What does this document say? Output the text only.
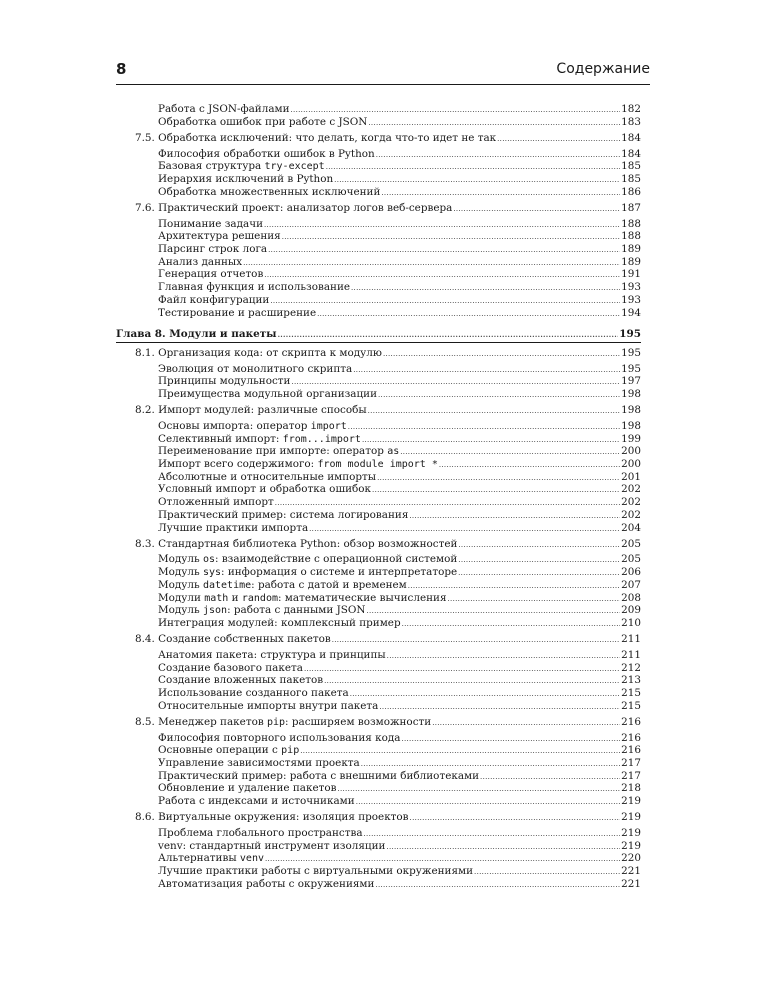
8	Содержание
Работа с JSON-файлами .....	182
Обработка ошибок при работе с JSON .....	183
7.5. Обработка исключений: что делать, когда что-то идет не так .....	184
Философия обработки ошибок в Python .....	184
Базовая структура try-except .....	185
Иерархия исключений в Python .....	185
Обработка множественных исключений .....	186
7.6. Практический проект: анализатор логов веб-сервера .....	187
Понимание задачи .....	188
Архитектура решения .....	188
Парсинг строк лога .....	189
Анализ данных .....	189
Генерация отчетов .....	191
Главная функция и использование .....	193
Файл конфигурации .....	193
Тестирование и расширение .....	194
Глава 8. Модули и пакеты .....	195
8.1. Организация кода: от скрипта к модулю .....	195
Эволюция от монолитного скрипта .....	195
Принципы модульности .....	197
Преимущества модульной организации .....	198
8.2. Импорт модулей: различные способы .....	198
Основы импорта: оператор import .....	198
Селективный импорт: from...import .....	199
Переименование при импорте: оператор as .....	200
Импорт всего содержимого: from module import * .....	200
Абсолютные и относительные импорты .....	201
Условный импорт и обработка ошибок .....	202
Отложенный импорт .....	202
Практический пример: система логирования .....	202
Лучшие практики импорта .....	204
8.3. Стандартная библиотека Python: обзор возможностей .....	205
Модуль os: взаимодействие с операционной системой .....	205
Модуль sys: информация о системе и интерпретаторе .....	206
Модуль datetime: работа с датой и временем .....	207
Модули math и random: математические вычисления .....	208
Модуль json: работа с данными JSON .....	209
Интеграция модулей: комплексный пример .....	210
8.4. Создание собственных пакетов .....	211
Анатомия пакета: структура и принципы .....	211
Создание базового пакета .....	212
Создание вложенных пакетов .....	213
Использование созданного пакета .....	215
Относительные импорты внутри пакета .....	215
8.5. Менеджер пакетов pip: расширяем возможности .....	216
Философия повторного использования кода .....	216
Основные операции с pip .....	216
Управление зависимостями проекта .....	217
Практический пример: работа с внешними библиотеками .....	217
Обновление и удаление пакетов .....	218
Работа с индексами и источниками .....	219
8.6. Виртуальные окружения: изоляция проектов .....	219
Проблема глобального пространства .....	219
venv: стандартный инструмент изоляции .....	219
Альтернативы venv .....	220
Лучшие практики работы с виртуальными окружениями .....	221
Автоматизация работы с окружениями .....	221
